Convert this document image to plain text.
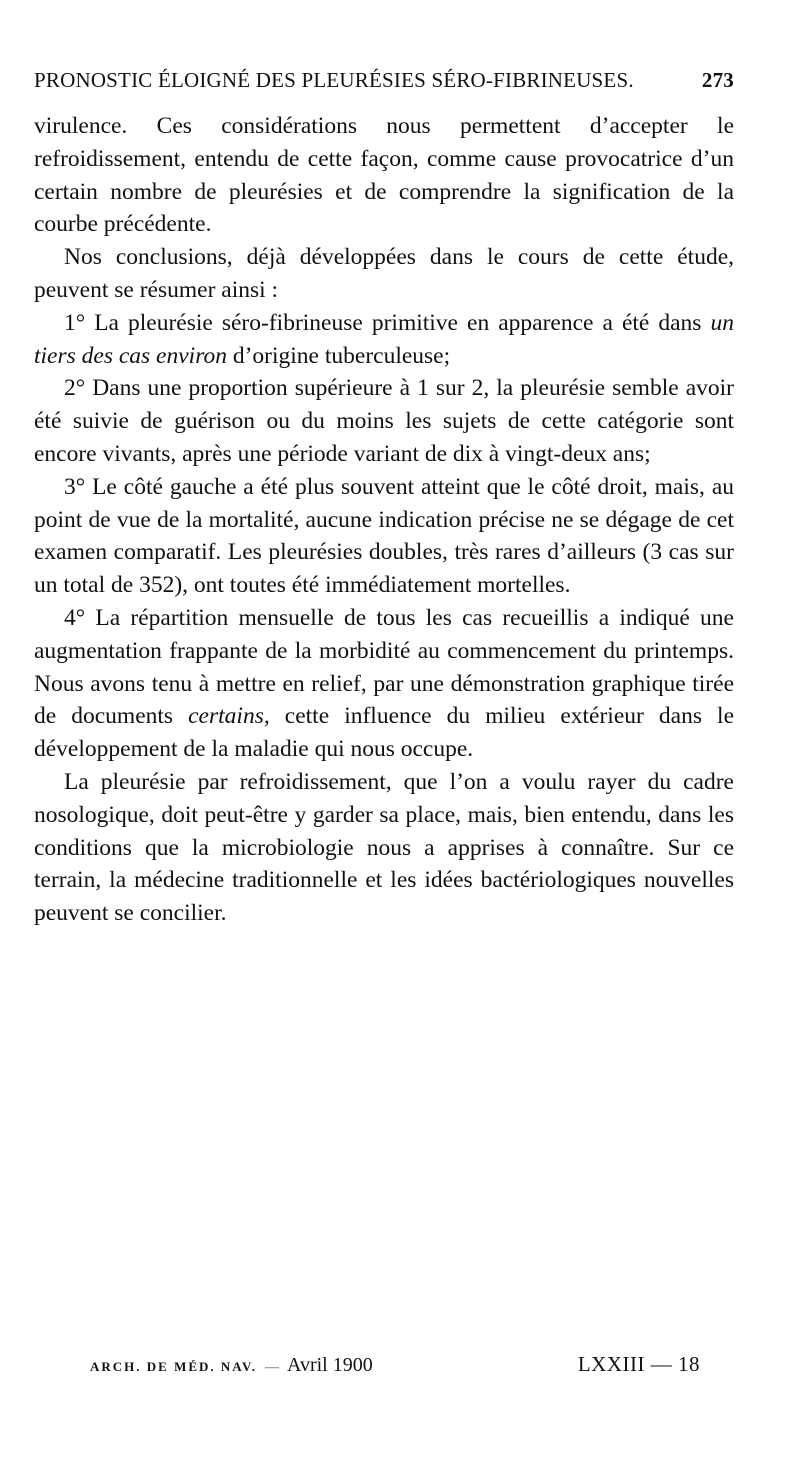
PRONOSTIC ÉLOIGNÉ DES PLEURÉSIES SÉRO-FIBRINEUSES.	273

virulence. Ces considérations nous permettent d’accepter le refroidissement, entendu de cette façon, comme cause provocatrice d’un certain nombre de pleurésies et de comprendre la signification de la courbe précédente.

Nos conclusions, déjà développées dans le cours de cette étude, peuvent se résumer ainsi :

1° La pleurésie séro-fibrineuse primitive en apparence a été dans un tiers des cas environ d’origine tuberculeuse;

2° Dans une proportion supérieure à 1 sur 2, la pleurésie semble avoir été suivie de guérison ou du moins les sujets de cette catégorie sont encore vivants, après une période variant de dix à vingt-deux ans;

3° Le côté gauche a été plus souvent atteint que le côté droit, mais, au point de vue de la mortalité, aucune indication précise ne se dégage de cet examen comparatif. Les pleurésies doubles, très rares d’ailleurs (3 cas sur un total de 352), ont toutes été immédiatement mortelles.

4° La répartition mensuelle de tous les cas recueillis a indiqué une augmentation frappante de la morbidité au commencement du printemps. Nous avons tenu à mettre en relief, par une démonstration graphique tirée de documents certains, cette influence du milieu extérieur dans le développement de la maladie qui nous occupe.

La pleurésie par refroidissement, que l’on a voulu rayer du cadre nosologique, doit peut-être y garder sa place, mais, bien entendu, dans les conditions que la microbiologie nous a apprises à connaître. Sur ce terrain, la médecine traditionnelle et les idées bactériologiques nouvelles peuvent se concilier.

ARCH. DE MÉD. NAV. — Avril 1900	LXXIII — 18
